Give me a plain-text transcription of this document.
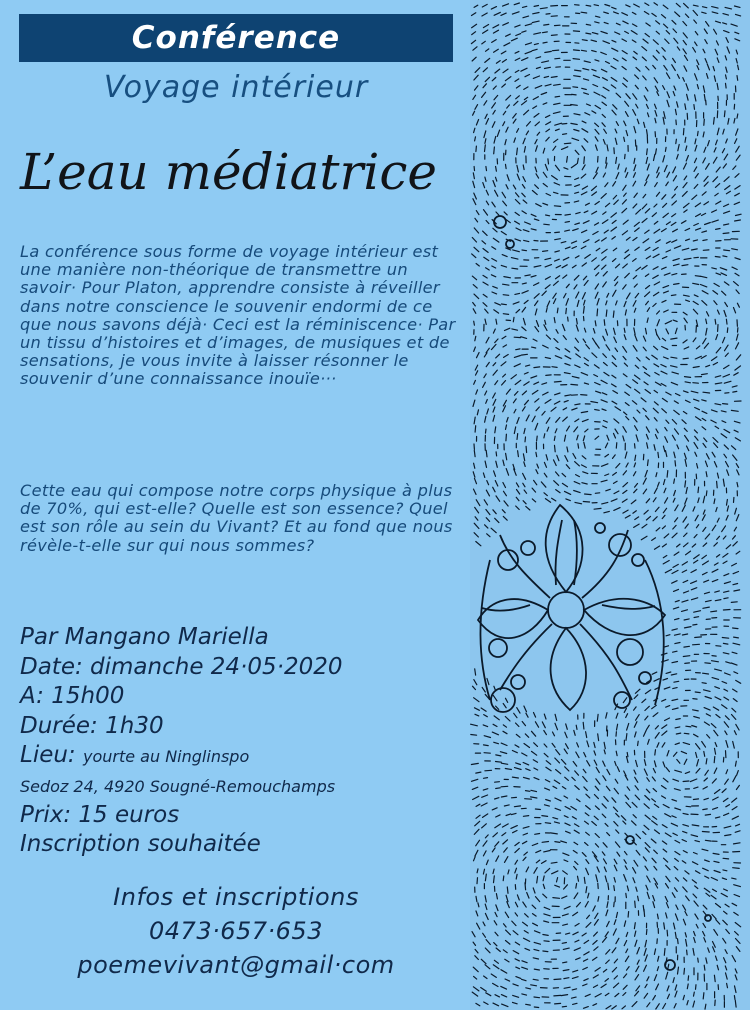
Conférence
Voyage intérieur
L’eau médiatrice
La conférence sous forme de voyage intérieur est une manière non-théorique de transmettre un savoir· Pour Platon, apprendre consiste à réveiller dans notre conscience le souvenir endormi de ce que nous savons déjà· Ceci est la réminiscence· Par un tissu d’histoires et d’images, de musiques et de sensations, je vous invite à laisser résonner le souvenir d’une connaissance inouïe···
Cette eau qui compose notre corps physique à plus de 70%, qui est-elle? Quelle est son essence? Quel est son rôle au sein du Vivant? Et au fond que nous révèle-t-elle sur qui nous sommes?
Par Mangano Mariella
Date: dimanche 24·05·2020
A: 15h00
Durée: 1h30
Lieu: yourte au Ninglinspo
Sedoz 24, 4920 Sougné-Remouchamps
Prix: 15 euros
Inscription souhaitée
Infos et inscriptions
0473·657·653
poemevivant@gmail·com
